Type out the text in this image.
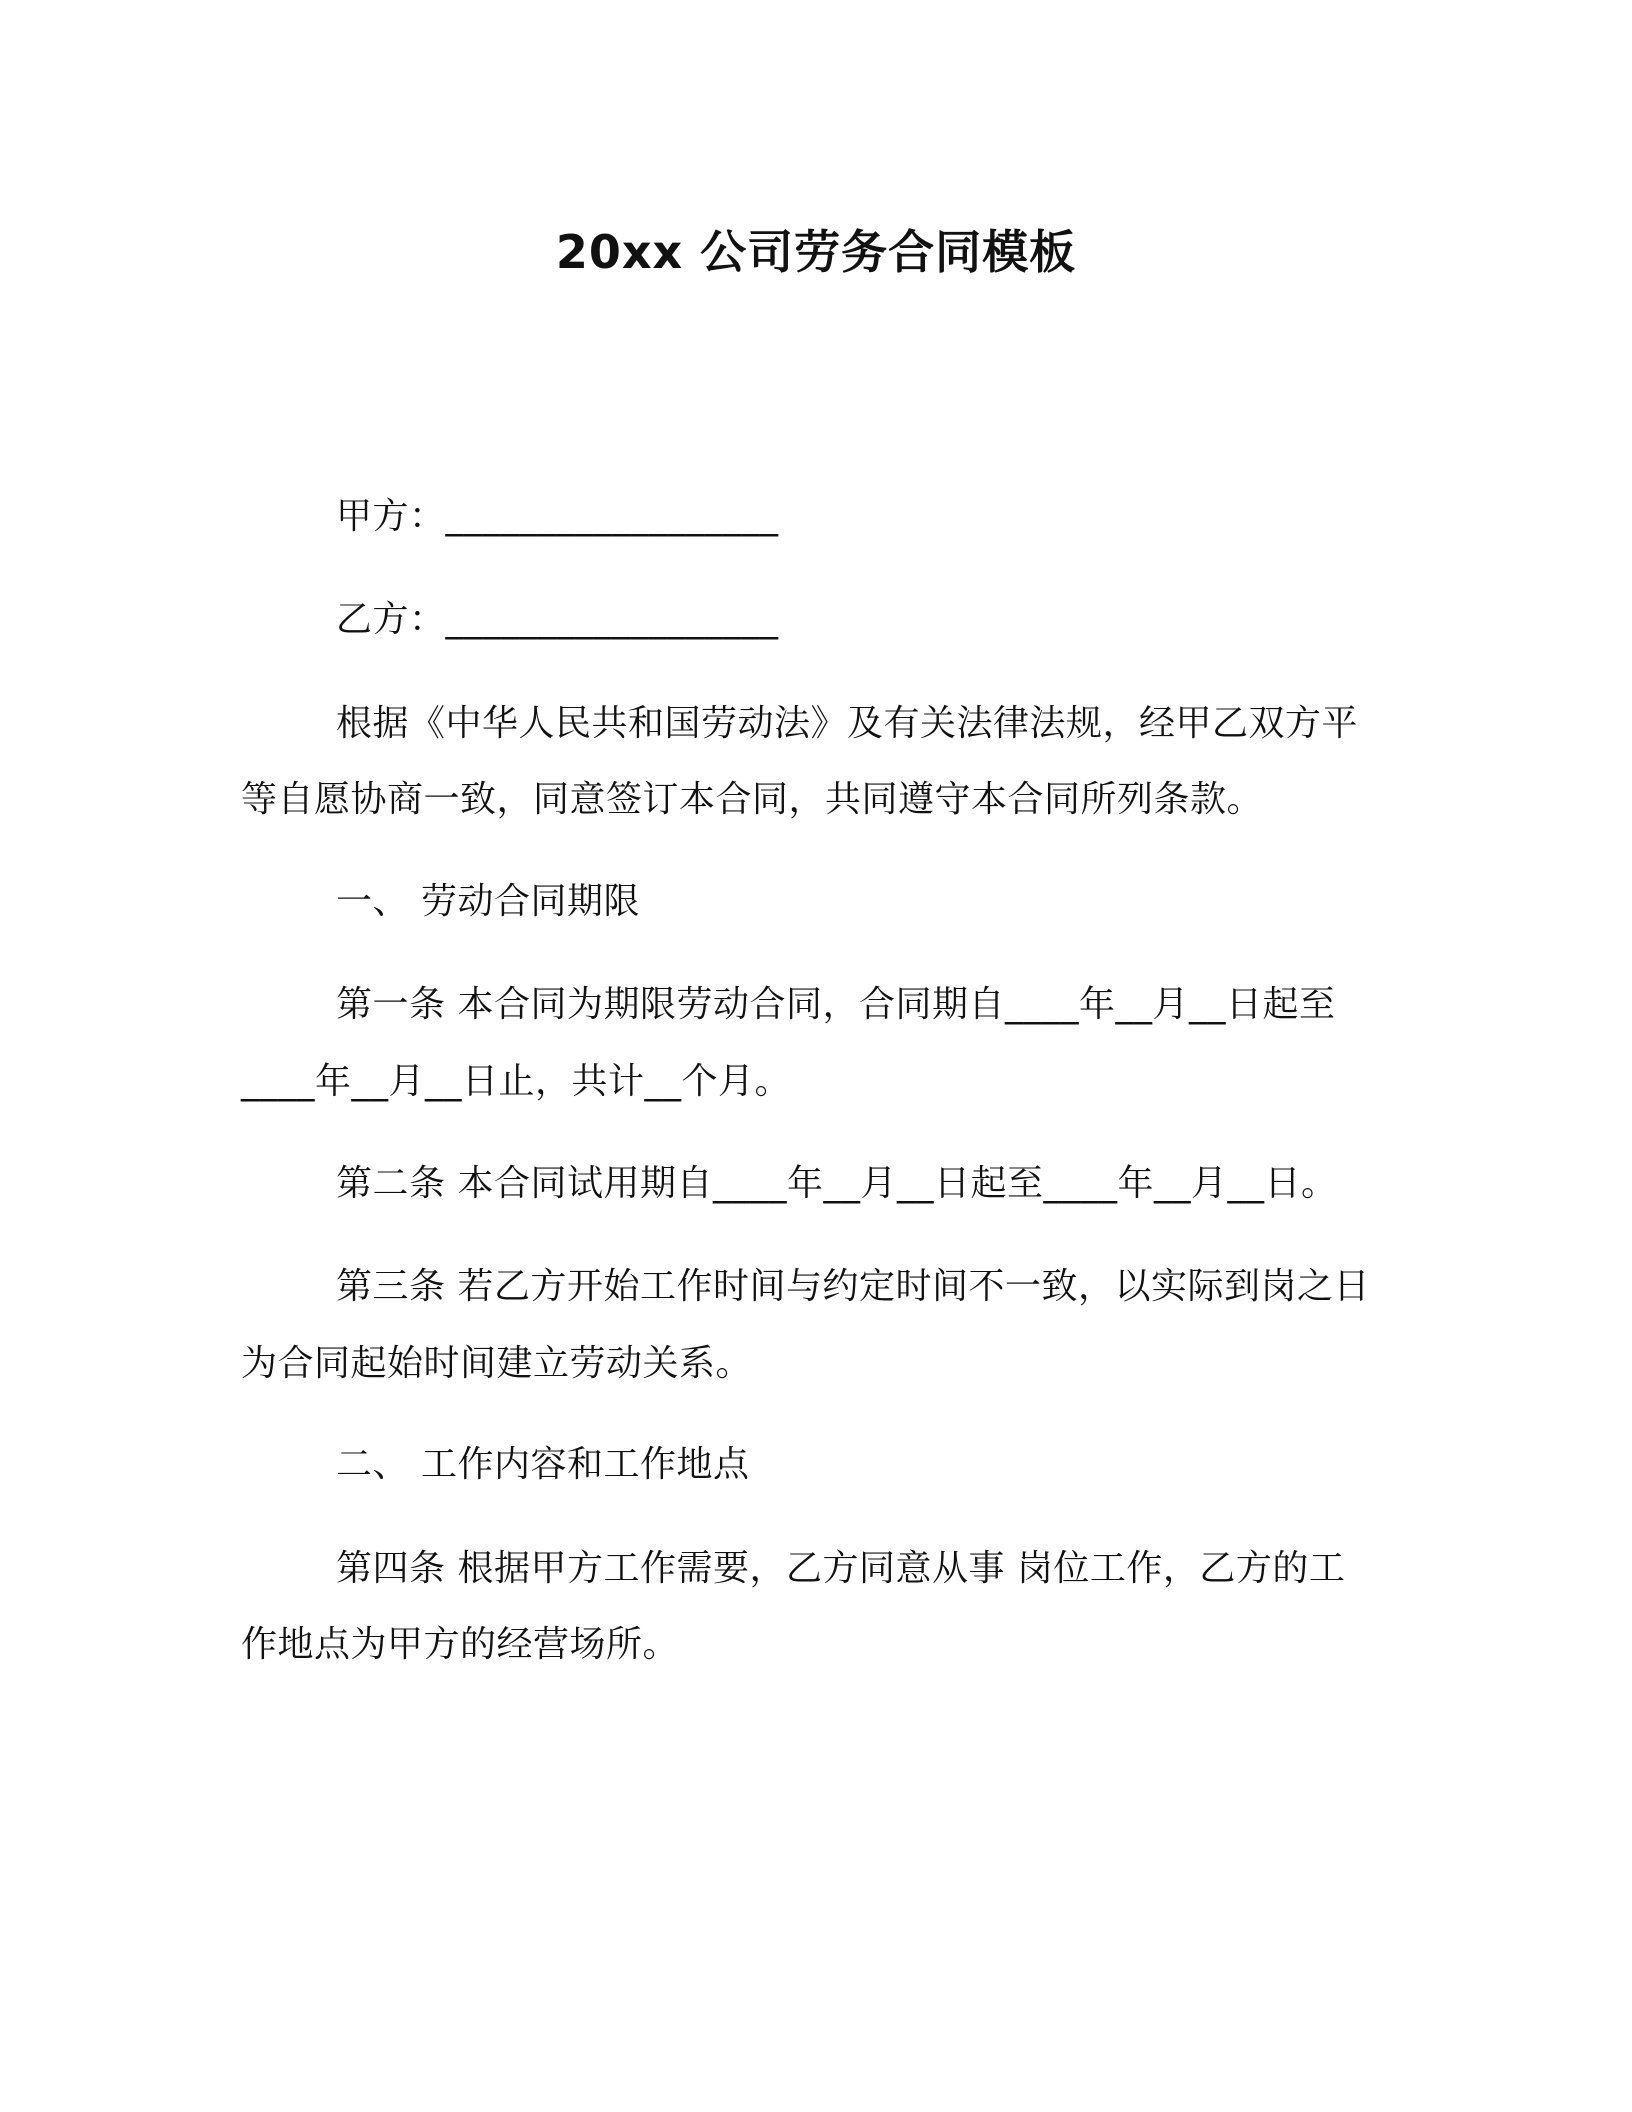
20xx 公司劳务合同模板
甲方：__________________
乙方：__________________
根据《中华人民共和国劳动法》及有关法律法规，经甲乙双方平
等自愿协商一致，同意签订本合同，共同遵守本合同所列条款。
一、 劳动合同期限
第一条 本合同为期限劳动合同，合同期自____年__月__日起至
____年__月__日止，共计__个月。
第二条 本合同试用期自____年__月__日起至____年__月__日。
第三条 若乙方开始工作时间与约定时间不一致，以实际到岗之日
为合同起始时间建立劳动关系。
二、 工作内容和工作地点
第四条 根据甲方工作需要，乙方同意从事 岗位工作，乙方的工
作地点为甲方的经营场所。
